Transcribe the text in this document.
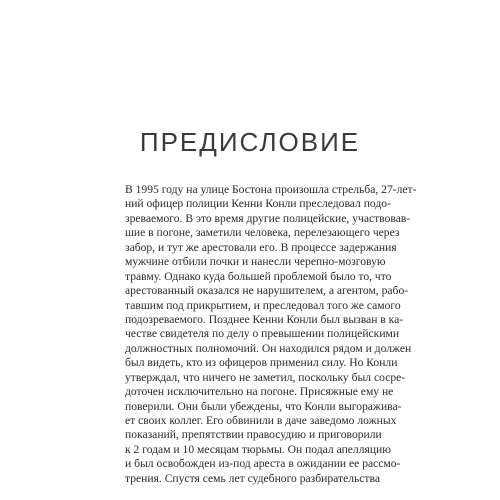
ПРЕДИСЛОВИЕ
В 1995 году на улице Бостона произошла стрельба, 27-лет-
ний офицер полиции Кенни Конли преследовал подо-
зреваемого. В это время другие полицейские, участвовав-
шие в погоне, заметили человека, перелезающего через
забор, и тут же арестовали его. В процессе задержания
мужчине отбили почки и нанесли черепно-мозговую
травму. Однако куда большей проблемой было то, что
арестованный оказался не нарушителем, а агентом, рабо-
тавшим под прикрытием, и преследовал того же самого
подозреваемого. Позднее Кенни Конли был вызван в ка-
честве свидетеля по делу о превышении полицейскими
должностных полномочий. Он находился рядом и должен
был видеть, кто из офицеров применил силу. Но Конли
утверждал, что ничего не заметил, поскольку был сосре-
доточен исключительно на погоне. Присяжные ему не
поверили. Они были убеждены, что Конли выгоражива-
ет своих коллег. Его обвинили в даче заведомо ложных
показаний, препятствии правосудию и приговорили
к 2 годам и 10 месяцам тюрьмы. Он подал апелляцию
и был освобожден из-под ареста в ожидании ее рассмо-
трения. Спустя семь лет судебного разбирательства
